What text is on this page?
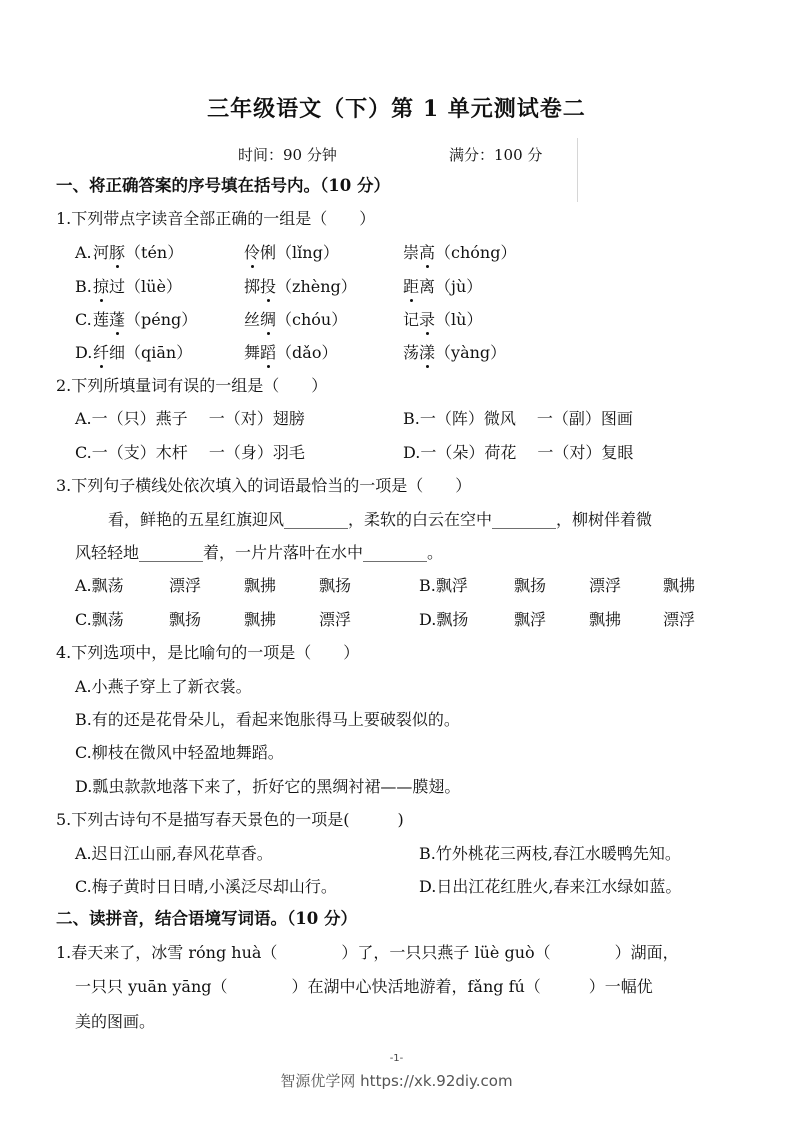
三年级语文（下）第 1 单元测试卷二
时间：90 分钟	满分：100 分
一、将正确答案的序号填在括号内。（10 分）
1.下列带点字读音全部正确的一组是（　　）
A. 河豚（tén）	伶俐（lǐng）	崇高（chóng）
B. 掠过（lüè）	掷投（zhèng）	距离（jù）
C. 莲蓬（péng）	丝绸（chóu）	记录（lù）
D. 纤细（qiān）	舞蹈（dǎo）	荡漾（yàng）
2.下列所填量词有误的一组是（　　）
A.一（只）燕子　 一（对）翅膀	B.一（阵）微风　 一（副）图画
C.一（支）木杆　 一（身）羽毛	D.一（朵）荷花　 一（对）复眼
3.下列句子横线处依次填入的词语最恰当的一项是（　　）
看，鲜艳的五星红旗迎风________，柔软的白云在空中________，柳树伴着微
风轻轻地________着，一片片落叶在水中________。
A.飘荡	漂浮	飘拂	飘扬	B.飘浮	飘扬	漂浮	飘拂
C.飘荡	飘扬	飘拂	漂浮	D.飘扬	飘浮	飘拂	漂浮
4.下列选项中，是比喻句的一项是（　　）
A.小燕子穿上了新衣裳。
B.有的还是花骨朵儿，看起来饱胀得马上要破裂似的。
C.柳枝在微风中轻盈地舞蹈。
D.瓢虫款款地落下来了，折好它的黑绸衬裙——膜翅。
5.下列古诗句不是描写春天景色的一项是(　　　)
A.迟日江山丽,春风花草香。	B.竹外桃花三两枝,春江水暖鸭先知。
C.梅子黄时日日晴,小溪泛尽却山行。	D.日出江花红胜火,春来江水绿如蓝。
二、读拼音，结合语境写词语。（10 分）
1.春天来了，冰雪 róng huà（　　　　）了，一只只燕子 lüè guò（　　　　）湖面，
一只只 yuān yāng（　　　　）在湖中心快活地游着，fǎng fú（　　　）一幅优
美的图画。
-1-
智源优学网 https://xk.92diy.com
